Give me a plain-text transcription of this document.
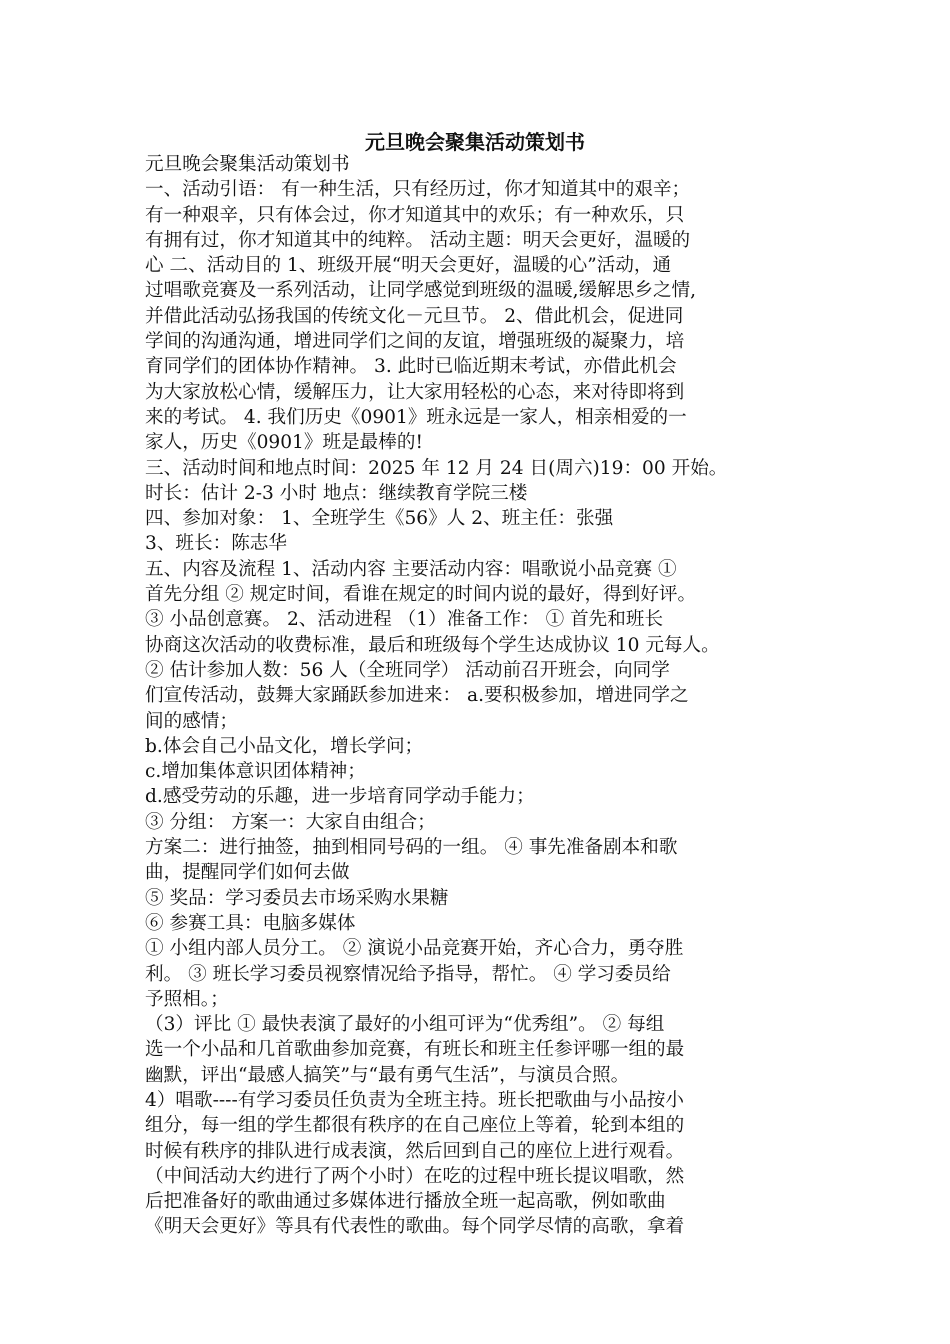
元旦晚会聚集活动策划书

元旦晚会聚集活动策划书

一、活动引语： 有一种生活，只有经历过，你才知道其中的艰辛；

有一种艰辛，只有体会过，你才知道其中的欢乐；有一种欢乐，只

有拥有过，你才知道其中的纯粹。 活动主题：明天会更好，温暖的

心 二、活动目的 1、班级开展“明天会更好，温暖的心”活动，通

过唱歌竞赛及一系列活动，让同学感觉到班级的温暖,缓解思乡之情,

并借此活动弘扬我国的传统文化－元旦节。 2、借此机会，促进同

学间的沟通沟通，增进同学们之间的友谊，增强班级的凝聚力，培

育同学们的团体协作精神。 3. 此时已临近期末考试，亦借此机会

为大家放松心情，缓解压力，让大家用轻松的心态，来对待即将到

来的考试。 4. 我们历史《0901》班永远是一家人，相亲相爱的一

家人，历史《0901》班是最棒的!

三、活动时间和地点时间：2025 年 12 月 24 日(周六)19：00 开始。

时长：估计 2-3 小时 地点：继续教育学院三楼

四、参加对象： 1、全班学生《56》人 2、班主任：张强

3、班长：陈志华

五、内容及流程 1、活动内容 主要活动内容：唱歌说小品竞赛 ①

首先分组 ② 规定时间，看谁在规定的时间内说的最好，得到好评。

③ 小品创意赛。 2、活动进程 （1）准备工作： ① 首先和班长

协商这次活动的收费标准，最后和班级每个学生达成协议 10 元每人。

② 估计参加人数：56 人（全班同学） 活动前召开班会，向同学

们宣传活动，鼓舞大家踊跃参加进来： a.要积极参加，增进同学之

间的感情；

b.体会自己小品文化，增长学问；

c.增加集体意识团体精神；

d.感受劳动的乐趣，进一步培育同学动手能力；

③ 分组： 方案一：大家自由组合；

方案二：进行抽签，抽到相同号码的一组。 ④ 事先准备剧本和歌

曲，提醒同学们如何去做

⑤ 奖品：学习委员去市场采购水果糖

⑥ 参赛工具：电脑多媒体

① 小组内部人员分工。 ② 演说小品竞赛开始，齐心合力，勇夺胜

利。 ③ 班长学习委员视察情况给予指导，帮忙。 ④ 学习委员给

予照相。；

（3）评比 ① 最快表演了最好的小组可评为“优秀组”。 ② 每组

选一个小品和几首歌曲参加竞赛，有班长和班主任参评哪一组的最

幽默，评出“最感人搞笑”与“最有勇气生活”，与演员合照。

4）唱歌----有学习委员任负责为全班主持。班长把歌曲与小品按小

组分，每一组的学生都很有秩序的在自己座位上等着，轮到本组的

时候有秩序的排队进行成表演，然后回到自己的座位上进行观看。

（中间活动大约进行了两个小时）在吃的过程中班长提议唱歌，然

后把准备好的歌曲通过多媒体进行播放全班一起高歌，例如歌曲

《明天会更好》等具有代表性的歌曲。每个同学尽情的高歌，拿着
